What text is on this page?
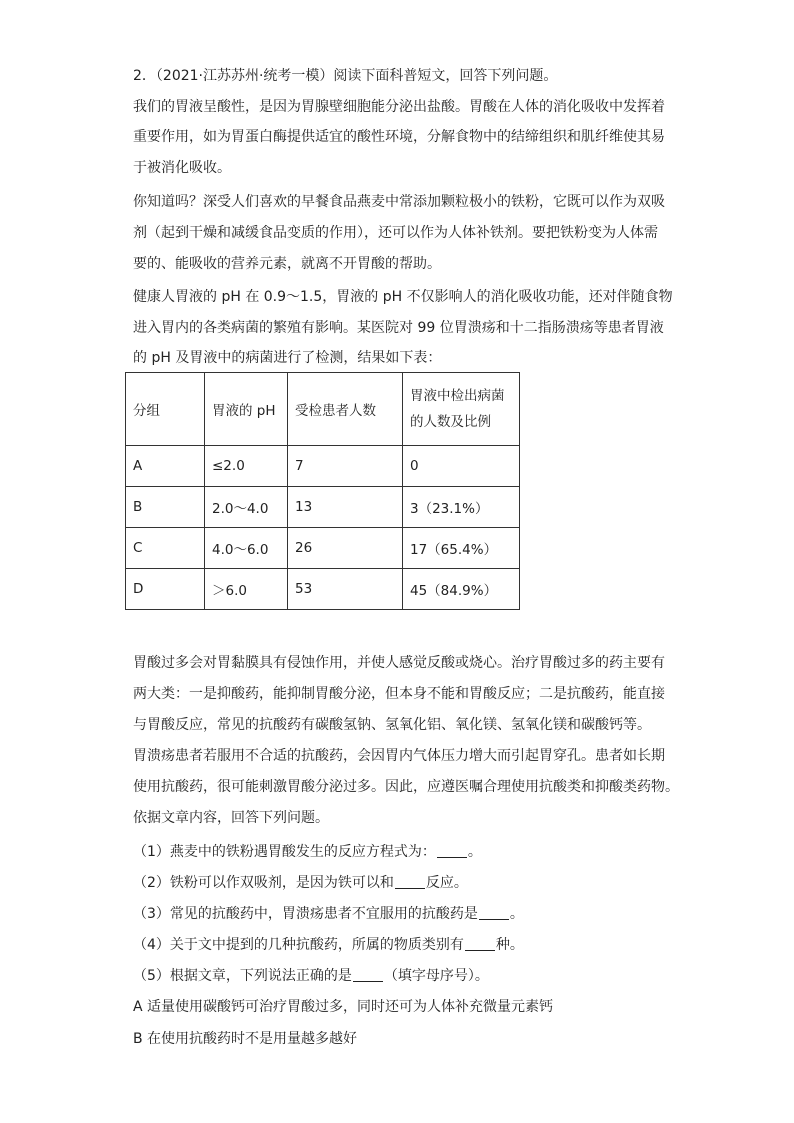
2．（2021·江苏苏州·统考一模）阅读下面科普短文，回答下列问题。
我们的胃液呈酸性，是因为胃腺壁细胞能分泌出盐酸。胃酸在人体的消化吸收中发挥着
重要作用，如为胃蛋白酶提供适宜的酸性环境，分解食物中的结缔组织和肌纤维使其易
于被消化吸收。
你知道吗？深受人们喜欢的早餐食品燕麦中常添加颗粒极小的铁粉，它既可以作为双吸
剂（起到干燥和减缓食品变质的作用），还可以作为人体补铁剂。要把铁粉变为人体需
要的、能吸收的营养元素，就离不开胃酸的帮助。
健康人胃液的 pH 在 0.9～1.5，胃液的 pH 不仅影响人的消化吸收功能，还对伴随食物
进入胃内的各类病菌的繁殖有影响。某医院对 99 位胃溃疡和十二指肠溃疡等患者胃液
的 pH 及胃液中的病菌进行了检测，结果如下表：
分组	胃液的 pH	受检患者人数	胃液中检出病菌
的人数及比例
A	≤2.0	7	0
B	2.0～4.0	13	3（23.1%）
C	4.0～6.0	26	17（65.4%）
D	＞6.0	53	45（84.9%）
胃酸过多会对胃黏膜具有侵蚀作用，并使人感觉反酸或烧心。治疗胃酸过多的药主要有
两大类：一是抑酸药，能抑制胃酸分泌，但本身不能和胃酸反应；二是抗酸药，能直接
与胃酸反应，常见的抗酸药有碳酸氢钠、氢氧化铝、氧化镁、氢氧化镁和碳酸钙等。
胃溃疡患者若服用不合适的抗酸药，会因胃内气体压力增大而引起胃穿孔。患者如长期
使用抗酸药，很可能刺激胃酸分泌过多。因此，应遵医嘱合理使用抗酸类和抑酸类药物。
依据文章内容，回答下列问题。
（1）燕麦中的铁粉遇胃酸发生的反应方程式为： 。
（2）铁粉可以作双吸剂，是因为铁可以和 反应。
（3）常见的抗酸药中，胃溃疡患者不宜服用的抗酸药是 。
（4）关于文中提到的几种抗酸药，所属的物质类别有 种。
（5）根据文章，下列说法正确的是 （填字母序号）。
A 适量使用碳酸钙可治疗胃酸过多，同时还可为人体补充微量元素钙
B 在使用抗酸药时不是用量越多越好
